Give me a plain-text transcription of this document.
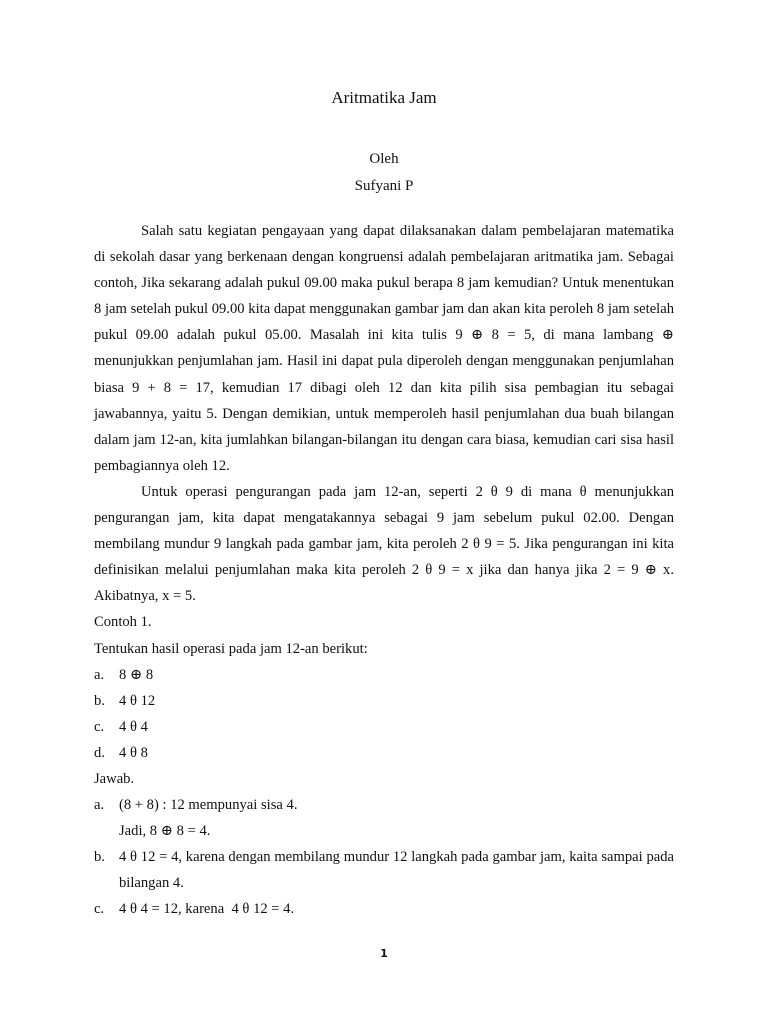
Aritmatika Jam
Oleh
Sufyani P

Salah satu kegiatan pengayaan yang dapat dilaksanakan dalam pembelajaran matematika di sekolah dasar yang berkenaan dengan kongruensi adalah pembelajaran aritmatika jam. Sebagai contoh, Jika sekarang adalah pukul 09.00 maka pukul berapa 8 jam kemudian? Untuk menentukan 8 jam setelah pukul 09.00 kita dapat menggunakan gambar jam dan akan kita peroleh 8 jam setelah pukul 09.00 adalah pukul 05.00. Masalah ini kita tulis 9 ⊕ 8 = 5, di mana lambang ⊕ menunjukkan penjumlahan jam. Hasil ini dapat pula diperoleh dengan menggunakan penjumlahan biasa 9 + 8 = 17, kemudian 17 dibagi oleh 12 dan kita pilih sisa pembagian itu sebagai jawabannya, yaitu 5. Dengan demikian, untuk memperoleh hasil penjumlahan dua buah bilangan dalam jam 12-an, kita jumlahkan bilangan-bilangan itu dengan cara biasa, kemudian cari sisa hasil pembagiannya oleh 12.

Untuk operasi pengurangan pada jam 12-an, seperti 2 θ 9 di mana θ menunjukkan pengurangan jam, kita dapat mengatakannya sebagai 9 jam sebelum pukul 02.00. Dengan membilang mundur 9 langkah pada gambar jam, kita peroleh 2 θ 9 = 5. Jika pengurangan ini kita definisikan melalui penjumlahan maka kita peroleh 2 θ 9 = x jika dan hanya jika 2 = 9 ⊕ x. Akibatnya, x = 5.

Contoh 1.

Tentukan hasil operasi pada jam 12-an berikut:

a.	8 ⊕ 8
b. 4 θ 12
c.	4 θ 4
d. 4 θ 8

Jawab.

a.	(8 + 8) : 12 mempunyai sisa 4.

Jadi, 8 ⊕ 8 = 4.

b. 4 θ 12 = 4, karena dengan membilang mundur 12 langkah pada gambar jam, kaita sampai pada bilangan 4.
c.	4 θ 4 = 12, karena  4 θ 12 = 4.
1
